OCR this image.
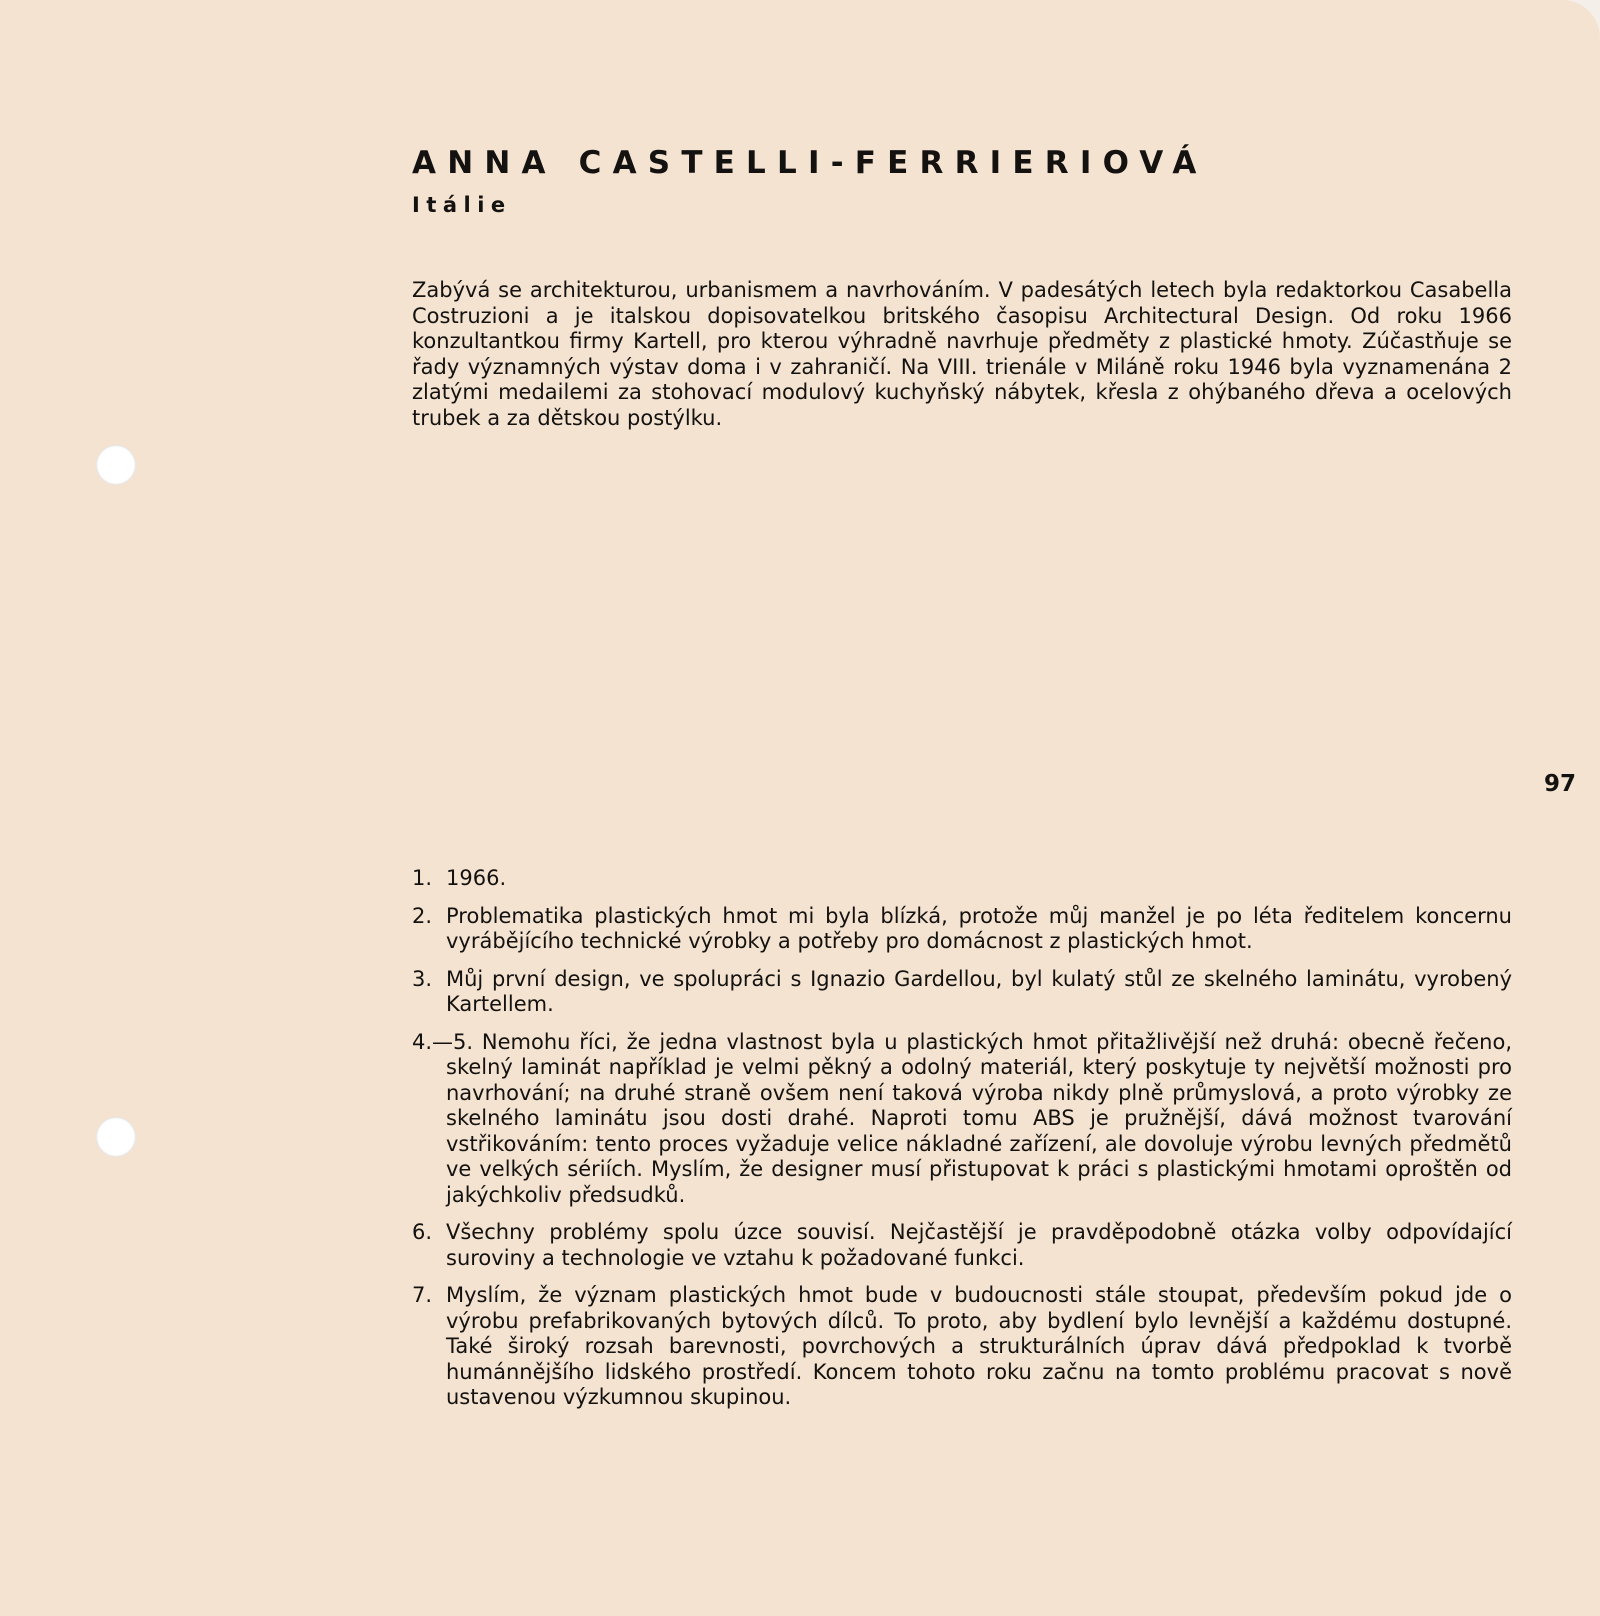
ANNA CASTELLI-FERRIERIOVÁ
Itálie

Zabývá se architekturou, urbanismem a navrhováním. V padesátých letech byla redaktorkou Casabella Costruzioni a je italskou dopisovatelkou britského časopisu Architectural Design. Od roku 1966 konzultantkou firmy Kartell, pro kterou výhradně navrhuje předměty z plastické hmoty. Zúčastňuje se řady významných výstav doma i v zahraničí. Na VIII. trienále v Miláně roku 1946 byla vyznamenána 2 zlatými medailemi za stohovací modulový kuchyňský nábytek, křesla z ohýbaného dřeva a ocelových trubek a za dětskou postýlku.

97
1. 1966.
2. Problematika plastických hmot mi byla blízká, protože můj manžel je po léta ředitelem koncernu vyrábějícího technické výrobky a potřeby pro domácnost z plastických hmot.
3. Můj první design, ve spolupráci s Ignazio Gardellou, byl kulatý stůl ze skelného laminátu, vyrobený Kartellem.
4.—5. Nemohu říci, že jedna vlastnost byla u plastických hmot přitažlivější než druhá: obecně řečeno, skelný laminát například je velmi pěkný a odolný materiál, který poskytuje ty největší možnosti pro navrhování; na druhé straně ovšem není taková výroba nikdy plně průmyslová, a proto výrobky ze skelného laminátu jsou dosti drahé. Naproti tomu ABS je pružnější, dává možnost tvarování vstřikováním: tento proces vyžaduje velice nákladné zařízení, ale dovoluje výrobu levných předmětů ve velkých sériích. Myslím, že designer musí přistupovat k práci s plastickými hmotami oproštěn od jakýchkoliv předsudků.
6. Všechny problémy spolu úzce souvisí. Nejčastější je pravděpodobně otázka volby odpovídající suroviny a technologie ve vztahu k požadované funkci.
7. Myslím, že význam plastických hmot bude v budoucnosti stále stoupat, především pokud jde o výrobu prefabrikovaných bytových dílců. To proto, aby bydlení bylo levnější a každému dostupné. Také široký rozsah barevnosti, povrchových a strukturálních úprav dává předpoklad k tvorbě humánnějšího lidského prostředí. Koncem tohoto roku začnu na tomto problému pracovat s nově ustavenou výzkumnou skupinou.
